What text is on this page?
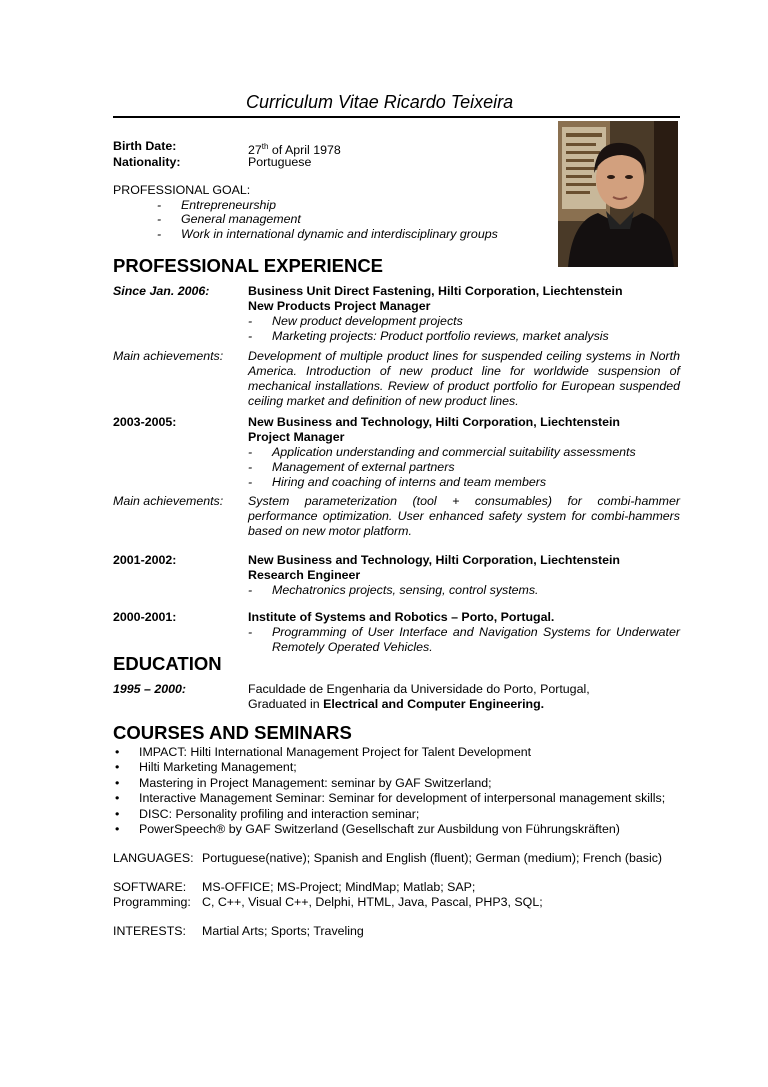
Curriculum Vitae Ricardo Teixeira
Birth Date:	27th of April 1978
Nationality:	Portuguese
PROFESSIONAL GOAL:
- Entrepreneurship
- General management
- Work in international dynamic and interdisciplinary groups
PROFESSIONAL EXPERIENCE
Since Jan. 2006:	Business Unit Direct Fastening, Hilti Corporation, Liechtenstein
New Products Project Manager
-	New product development projects
-	Marketing projects: Product portfolio reviews, market analysis
Main achievements: Development of multiple product lines for suspended ceiling systems in North America. Introduction of new product line for worldwide suspension of mechanical installations. Review of product portfolio for European suspended ceiling market and definition of new product lines.
2003-2005:	New Business and Technology, Hilti Corporation, Liechtenstein
Project Manager
-	Application understanding and commercial suitability assessments
-	Management of external partners
-	Hiring and coaching of interns and team members
Main achievements: System parameterization (tool + consumables) for combi-hammer performance optimization. User enhanced safety system for combi-hammers based on new motor platform.
2001-2002:	New Business and Technology, Hilti Corporation, Liechtenstein
Research Engineer
-	Mechatronics projects, sensing, control systems.
2000-2001:	Institute of Systems and Robotics – Porto, Portugal.
-	Programming of User Interface and Navigation Systems for Underwater Remotely Operated Vehicles.
EDUCATION
1995 – 2000:	Faculdade de Engenharia da Universidade do Porto, Portugal,
Graduated in Electrical and Computer Engineering.
COURSES AND SEMINARS
•	IMPACT: Hilti International Management Project for Talent Development
•	Hilti Marketing Management;
•	Mastering in Project Management: seminar by GAF Switzerland;
•	Interactive Management Seminar: Seminar for development of interpersonal management skills;
•	DISC: Personality profiling and interaction seminar;
•	PowerSpeech® by GAF Switzerland (Gesellschaft zur Ausbildung von Führungskräften)
LANGUAGES: Portuguese(native); Spanish and English (fluent); German (medium); French (basic)
SOFTWARE: MS-OFFICE; MS-Project; MindMap; Matlab; SAP;
Programming: C, C++, Visual C++, Delphi, HTML, Java, Pascal, PHP3, SQL;
INTERESTS: Martial Arts; Sports; Traveling
